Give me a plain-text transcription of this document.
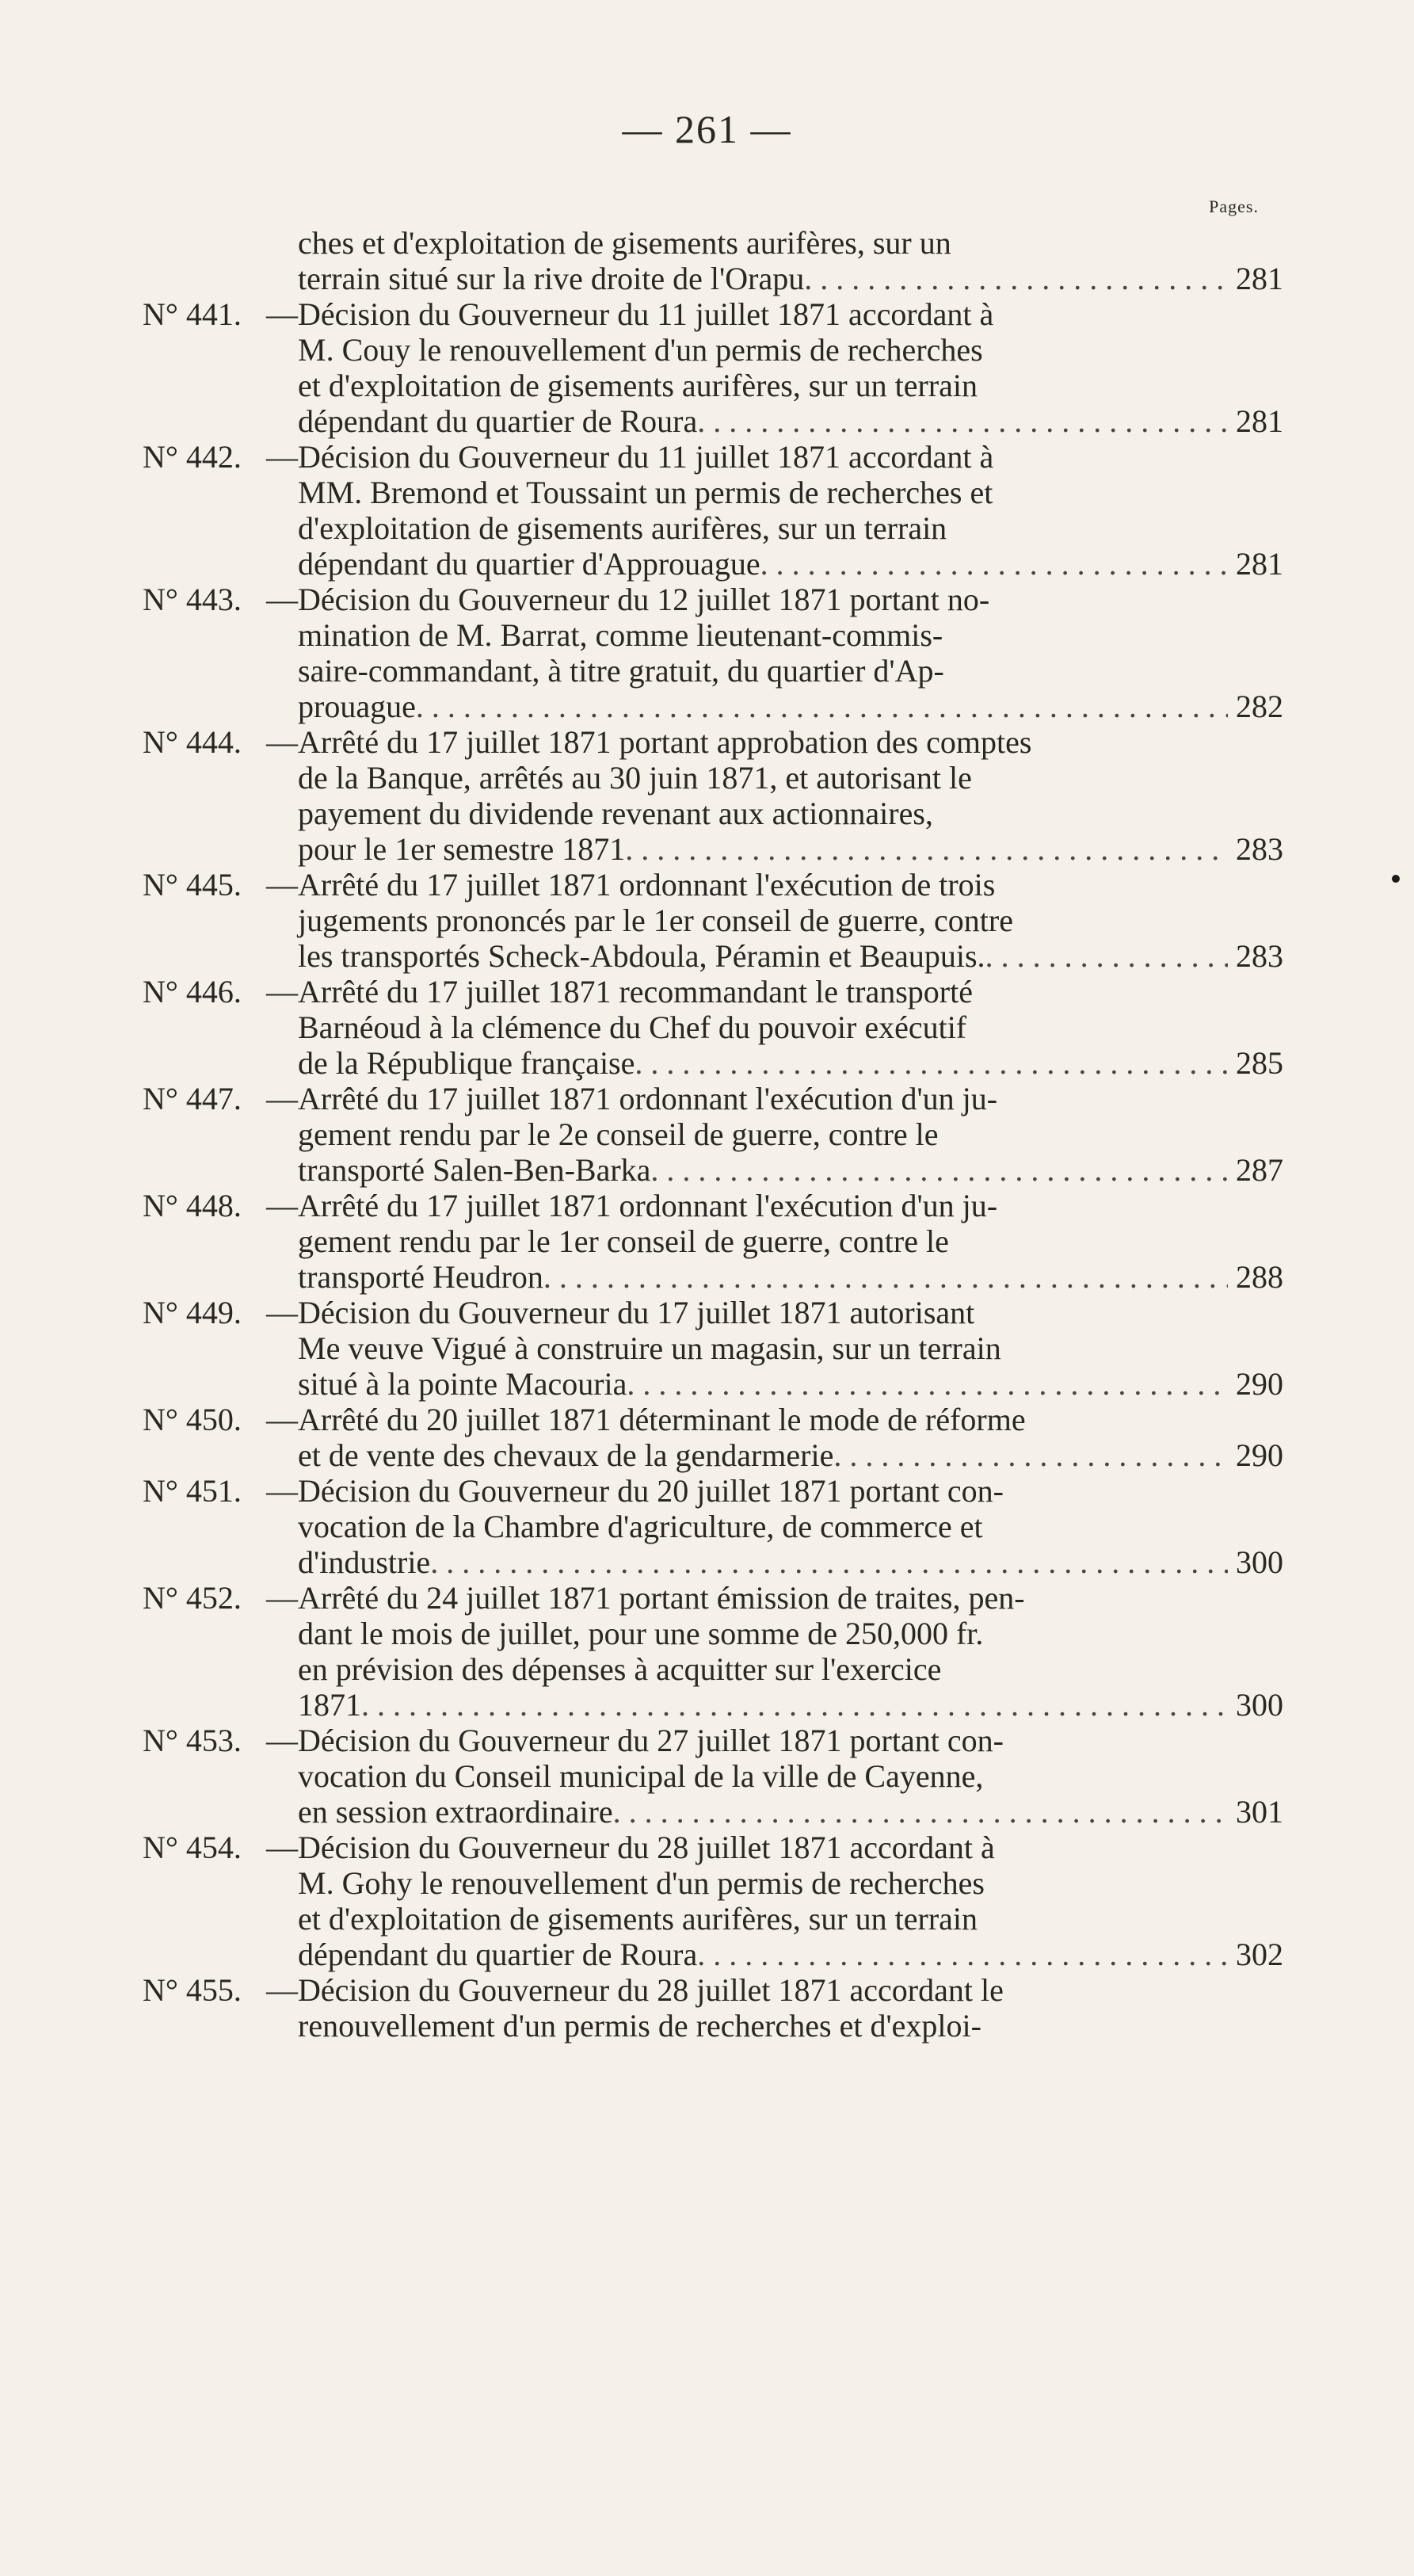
— 261 —
Pages.
ches et d'exploitation de gisements aurifères, sur un
terrain situé sur la rive droite de l'Orapu . . .	281
N° 441. — Décision du Gouverneur du 11 juillet 1871 accordant à
M. Couy le renouvellement d'un permis de recherches
et d'exploitation de gisements aurifères, sur un terrain
dépendant du quartier de Roura . . .	281
N° 442. — Décision du Gouverneur du 11 juillet 1871 accordant à
MM. Bremond et Toussaint un permis de recherches et
d'exploitation de gisements aurifères, sur un terrain
dépendant du quartier d'Approuague . . .	281
N° 443. — Décision du Gouverneur du 12 juillet 1871 portant no-
mination de M. Barrat, comme lieutenant-commis-
saire-commandant, à titre gratuit, du quartier d'Ap-
prouague . . .	282
N° 444. — Arrêté du 17 juillet 1871 portant approbation des comptes
de la Banque, arrêtés au 30 juin 1871, et autorisant le
payement du dividende revenant aux actionnaires,
pour le 1er semestre 1871 . . .	283
N° 445. — Arrêté du 17 juillet 1871 ordonnant l'exécution de trois
jugements prononcés par le 1er conseil de guerre, contre
les transportés Scheck-Abdoula, Péramin et Beaupuis. . . .	283
N° 446. — Arrêté du 17 juillet 1871 recommandant le transporté
Barnéoud à la clémence du Chef du pouvoir exécutif
de la République française . . .	285
N° 447. — Arrêté du 17 juillet 1871 ordonnant l'exécution d'un ju-
gement rendu par le 2e conseil de guerre, contre le
transporté Salen-Ben-Barka . . .	287
N° 448. — Arrêté du 17 juillet 1871 ordonnant l'exécution d'un ju-
gement rendu par le 1er conseil de guerre, contre le
transporté Heudron . . .	288
N° 449. — Décision du Gouverneur du 17 juillet 1871 autorisant
Me veuve Vigué à construire un magasin, sur un terrain
situé à la pointe Macouria . . .	290
N° 450. — Arrêté du 20 juillet 1871 déterminant le mode de réforme
et de vente des chevaux de la gendarmerie . . .	290
N° 451. — Décision du Gouverneur du 20 juillet 1871 portant con-
vocation de la Chambre d'agriculture, de commerce et
d'industrie . . .	300
N° 452. — Arrêté du 24 juillet 1871 portant émission de traites, pen-
dant le mois de juillet, pour une somme de 250,000 fr.
en prévision des dépenses à acquitter sur l'exercice
1871 . . .	300
N° 453. — Décision du Gouverneur du 27 juillet 1871 portant con-
vocation du Conseil municipal de la ville de Cayenne,
en session extraordinaire . . .	301
N° 454. — Décision du Gouverneur du 28 juillet 1871 accordant à
M. Gohy le renouvellement d'un permis de recherches
et d'exploitation de gisements aurifères, sur un terrain
dépendant du quartier de Roura . . .	302
N° 455. — Décision du Gouverneur du 28 juillet 1871 accordant le
renouvellement d'un permis de recherches et d'exploi-
